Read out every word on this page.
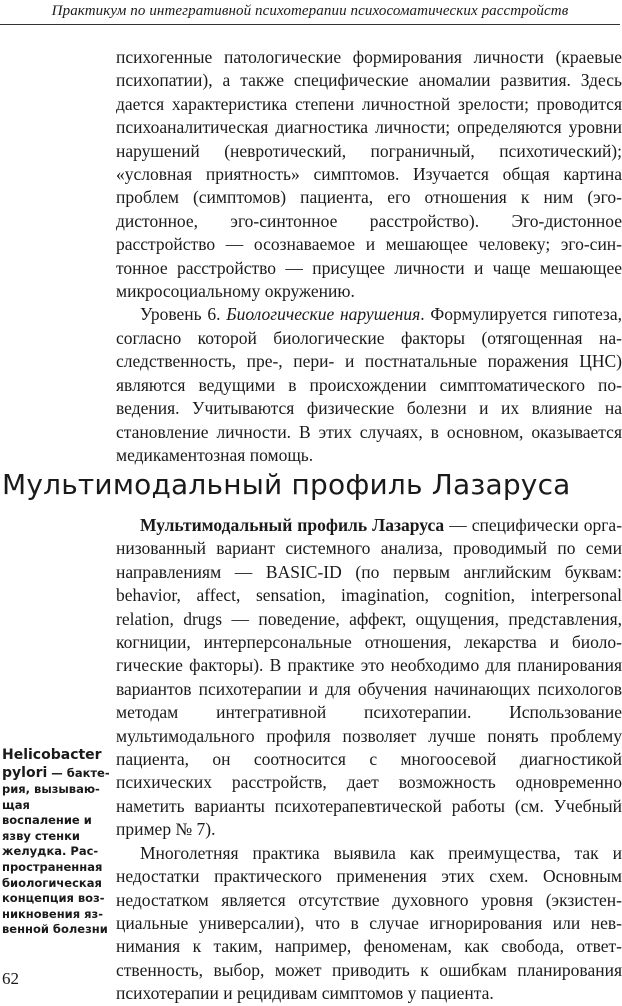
Практикум по интегративной психотерапии психосоматических расстройств

психогенные патологические формирования личности (краевые психопатии), а также специфические аномалии развития. Здесь дается характеристика степени личностной зрелости; проводится психоаналитическая диагностика личности; определяются уровни нарушений (невротический, пограничный, психотический); «условная приятность» симптомов. Изучается общая картина проблем (симптомов) пациента, его отношения к ним (эго-дистонное, эго-синтонное расстройство). Эго-дистонное расстройство — осознаваемое и мешающее человеку; эго-синтонное расстройство — присущее личности и чаще мешающее микросоциальному окружению.

Уровень 6. Биологические нарушения. Формулируется гипотеза, согласно которой биологические факторы (отягощенная наследственность, пре-, пери- и постнатальные поражения ЦНС) являются ведущими в происхождении симптоматического поведения. Учитываются физические болезни и их влияние на становление личности. В этих случаях, в основном, оказывается медикаментозная помощь.

Мультимодальный профиль Лазаруса

Мультимодальный профиль Лазаруса — специфически организованный вариант системного анализа, проводимый по семи направлениям — BASIC-ID (по первым английским буквам: behavior, affect, sensation, imagination, cognition, interpersonal relation, drugs — поведение, аффект, ощущения, представления, когниции, интерперсональные отношения, лекарства и биологические факторы). В практике это необходимо для планирования вариантов психотерапии и для обучения начинающих психологов методам интегративной психотерапии. Использование мультимодального профиля позволяет лучше понять проблему пациента, он соотносится с многоосевой диагностикой психических расстройств, дает возможность одновременно наметить варианты психотерапевтической работы (см. Учебный пример № 7).

Многолетняя практика выявила как преимущества, так и недостатки практического применения этих схем. Основным недостатком является отсутствие духовного уровня (экзистенциальные универсалии), что в случае игнорирования или невнимания к таким, например, феноменам, как свобода, ответственность, выбор, может приводить к ошибкам планирования психотерапии и рецидивам симптомов у пациента.

Helicobacter pylori — бактерия, вызывающая воспаление и язву стенки желудка. Распространенная биологическая концепция возникновения язвенной болезни
62
